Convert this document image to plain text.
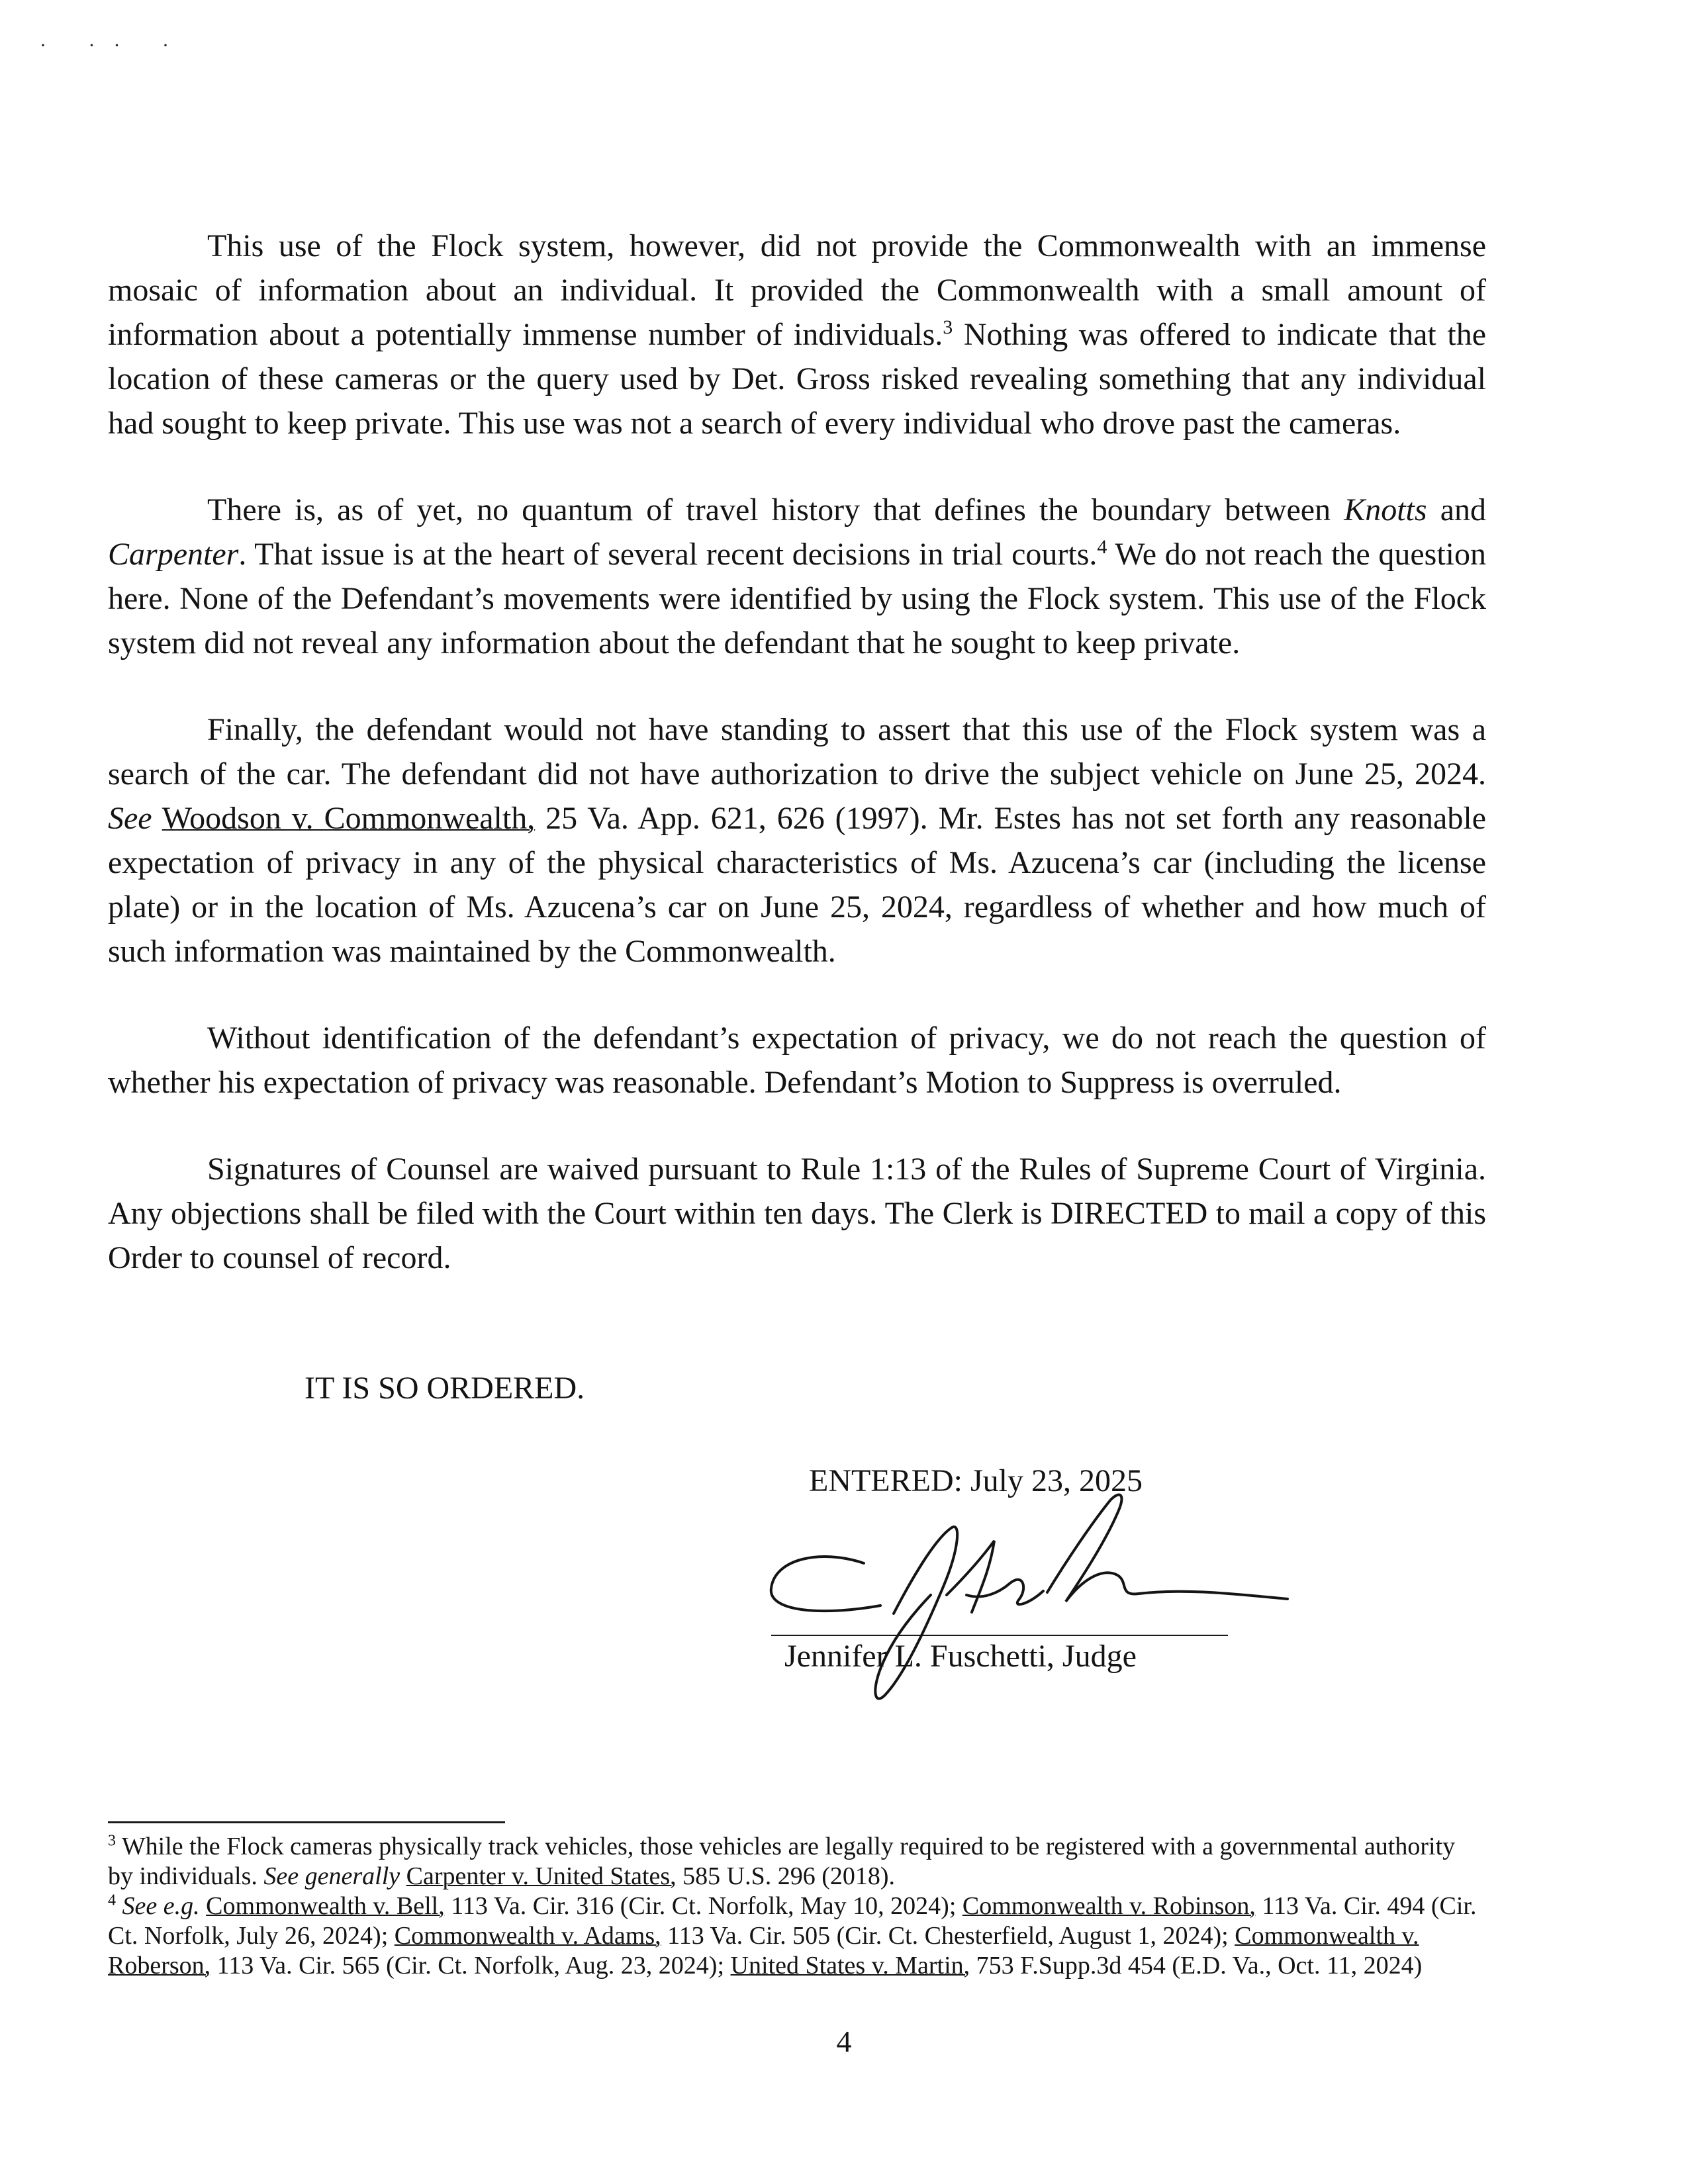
· ·· ·

This use of the Flock system, however, did not provide the Commonwealth with an immense mosaic of information about an individual. It provided the Commonwealth with a small amount of information about a potentially immense number of individuals.$^3$ Nothing was offered to indicate that the location of these cameras or the query used by Det. Gross risked revealing something that any individual had sought to keep private. This use was not a search of every individual who drove past the cameras.

There is, as of yet, no quantum of travel history that defines the boundary between Knotts and Carpenter. That issue is at the heart of several recent decisions in trial courts.$^4$ We do not reach the question here. None of the Defendant’s movements were identified by using the Flock system. This use of the Flock system did not reveal any information about the defendant that he sought to keep private.

Finally, the defendant would not have standing to assert that this use of the Flock system was a search of the car. The defendant did not have authorization to drive the subject vehicle on June 25, 2024. See Woodson v. Commonwealth, 25 Va. App. 621, 626 (1997). Mr. Estes has not set forth any reasonable expectation of privacy in any of the physical characteristics of Ms. Azucena’s car (including the license plate) or in the location of Ms. Azucena’s car on June 25, 2024, regardless of whether and how much of such information was maintained by the Commonwealth.

Without identification of the defendant’s expectation of privacy, we do not reach the question of whether his expectation of privacy was reasonable. Defendant’s Motion to Suppress is overruled.

Signatures of Counsel are waived pursuant to Rule 1:13 of the Rules of Supreme Court of Virginia. Any objections shall be filed with the Court within ten days. The Clerk is DIRECTED to mail a copy of this Order to counsel of record.

IT IS SO ORDERED.
ENTERED: July 23, 2025
Jennifer L. Fuschetti, Judge

$^3$ While the Flock cameras physically track vehicles, those vehicles are legally required to be registered with a governmental authority by individuals. See generally Carpenter v. United States, 585 U.S. 296 (2018).

$^4$ See e.g. Commonwealth v. Bell, 113 Va. Cir. 316 (Cir. Ct. Norfolk, May 10, 2024); Commonwealth v. Robinson, 113 Va. Cir. 494 (Cir. Ct. Norfolk, July 26, 2024); Commonwealth v. Adams, 113 Va. Cir. 505 (Cir. Ct. Chesterfield, August 1, 2024); Commonwealth v. Roberson, 113 Va. Cir. 565 (Cir. Ct. Norfolk, Aug. 23, 2024); United States v. Martin, 753 F.Supp.3d 454 (E.D. Va., Oct. 11, 2024)

4
